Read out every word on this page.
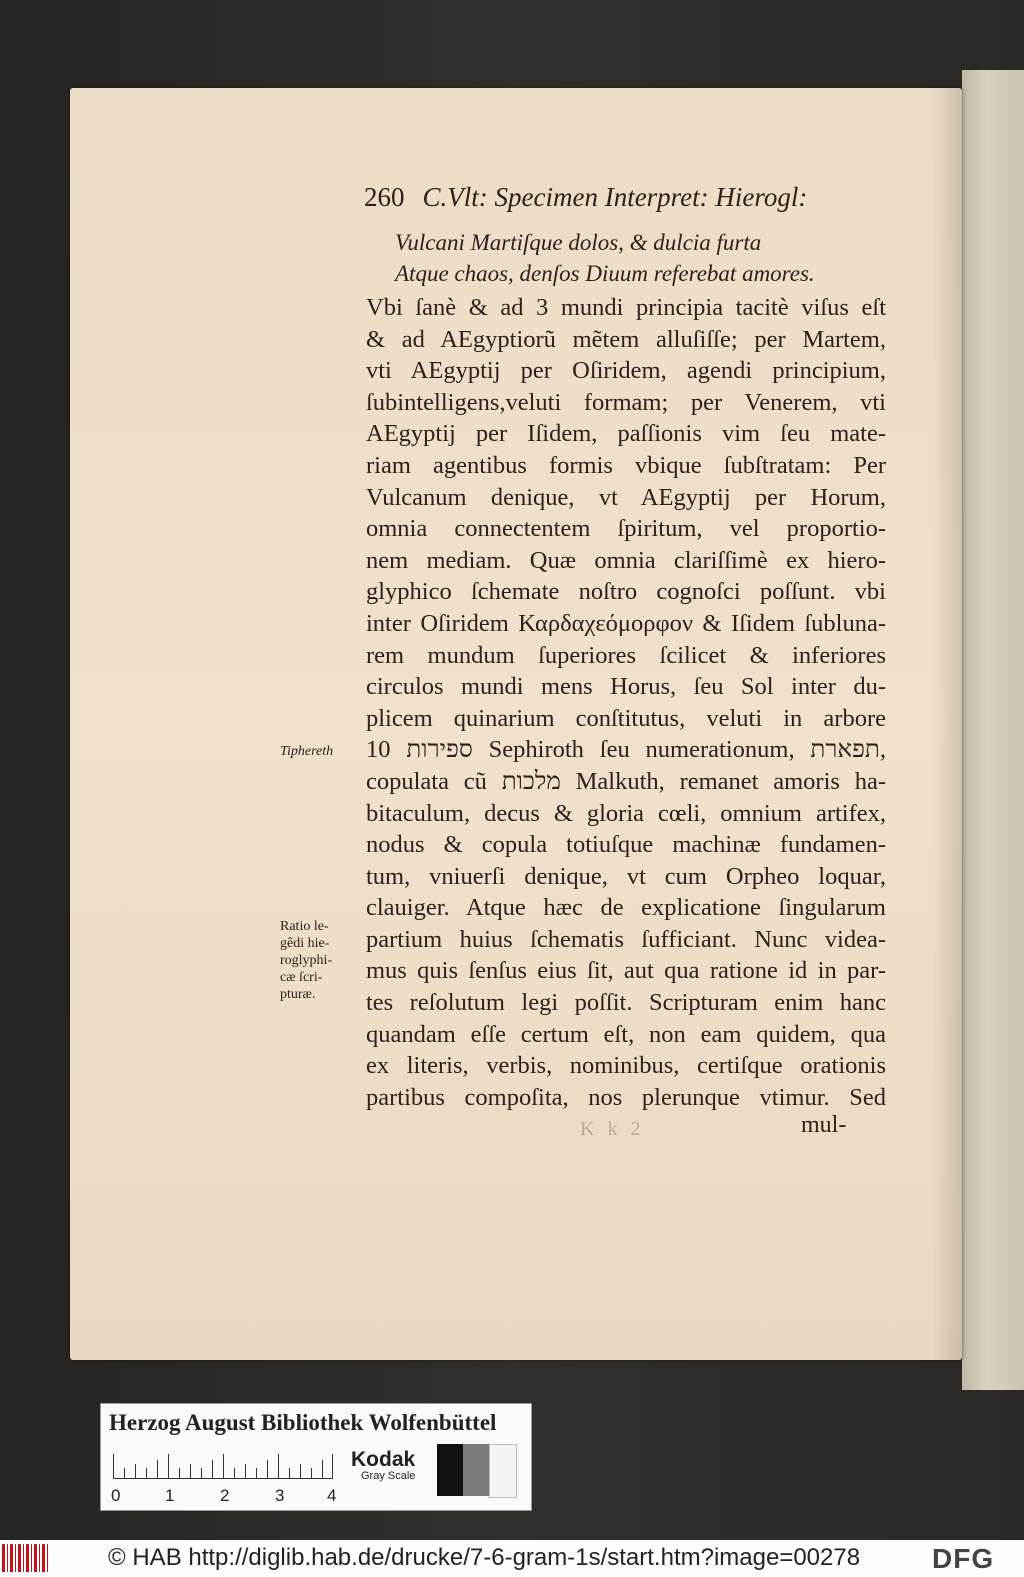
260 C.Vlt: Specimen Interpret: Hierogl:
Vulcani Martiſque dolos, & dulcia furta
Atque chaos, denſos Diuum referebat amores.
Vbi ſanè & ad 3 mundi principia tacitè viſus eſt
& ad AEgyptiorũ mẽtem alluſiſſe; per Martem,
vti AEgyptij per Oſiridem, agendi principium,
ſubintelligens,veluti formam; per Venerem, vti
AEgyptij per Iſidem, paſſionis vim ſeu mate-
riam agentibus formis vbique ſubſtratam: Per
Vulcanum denique, vt AEgyptij per Horum,
omnia connectentem ſpiritum, vel proportio-
nem mediam. Quæ omnia clariſſimè ex hiero-
glyphico ſchemate noſtro cognoſci poſſunt. vbi
inter Oſiridem Καρδαχεόμορφον & Iſidem ſubluna-
rem mundum ſuperiores ſcilicet & inferiores
circulos mundi mens Horus, ſeu Sol inter du-
plicem quinarium conſtitutus, veluti in arbore
10 ספירות Sephiroth ſeu numerationum, תפארת,
copulata cũ מלכות Malkuth, remanet amoris ha-
bitaculum, decus & gloria cœli, omnium artifex,
nodus & copula totiuſque machinæ fundamen-
tum, vniuerſi denique, vt cum Orpheo loquar,
clauiger. Atque hæc de explicatione ſingularum
partium huius ſchematis ſufficiant. Nunc videa-
mus quis ſenſus eius ſit, aut qua ratione id in par-
tes reſolutum legi poſſit. Scripturam enim hanc
quandam eſſe certum eſt, non eam quidem, qua
ex literis, verbis, nominibus, certiſque orationis
partibus compoſita, nos plerunque vtimur. Sed
Tiphereth
Ratio le-
gêdi hie-
roglyphi-
cæ ſcri-
pturæ.
K k 2	mul-
Herzog August Bibliothek Wolfenbüttel
0	1	2	3	4
Kodak
Gray Scale
© HAB http://diglib.hab.de/drucke/7-6-gram-1s/start.htm?image=00278	DFG
